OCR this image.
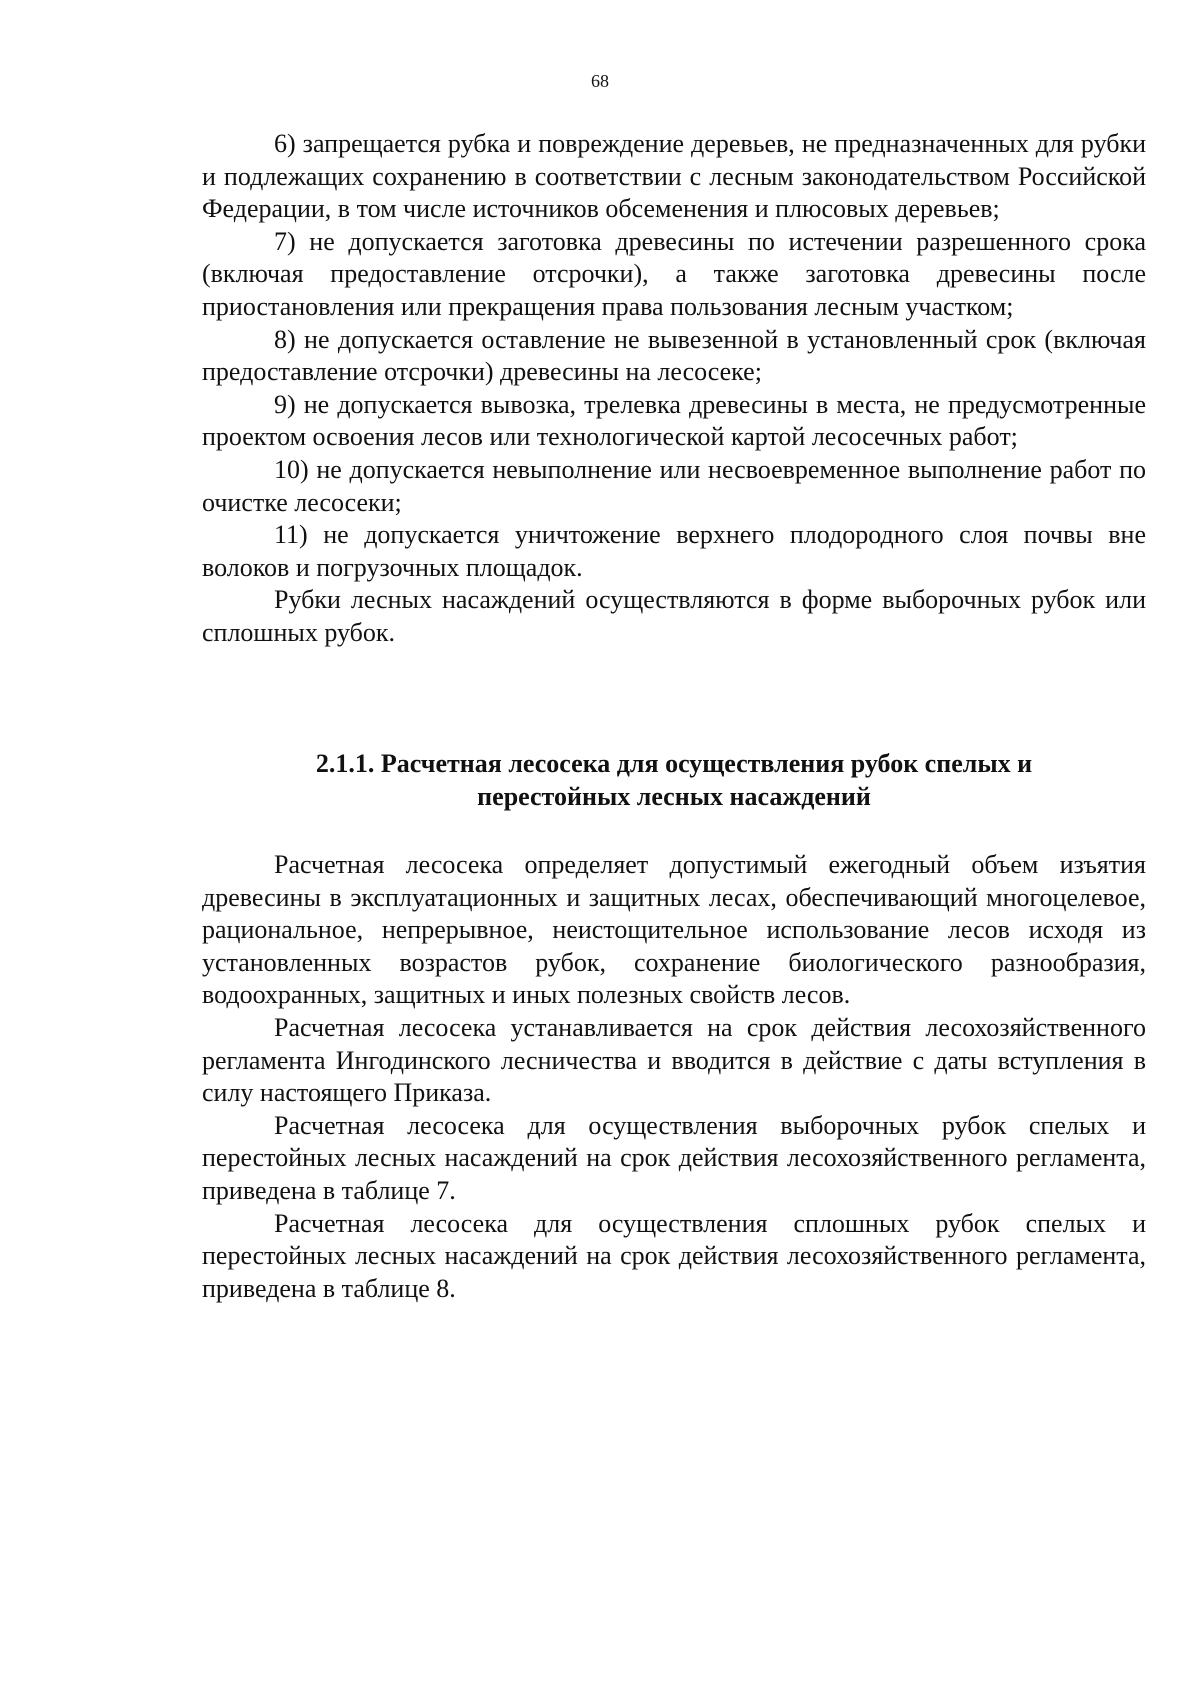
68

6) запрещается рубка и повреждение деревьев, не предназначенных для рубки и подлежащих сохранению в соответствии с лесным законодательством Российской Федерации, в том числе источников обсеменения и плюсовых деревьев;

7) не допускается заготовка древесины по истечении разрешенного срока (включая предоставление отсрочки), а также заготовка древесины после приостановления или прекращения права пользования лесным участком;

8) не допускается оставление не вывезенной в установленный срок (включая предоставление отсрочки) древесины на лесосеке;

9) не допускается вывозка, трелевка древесины в места, не предусмотренные проектом освоения лесов или технологической картой лесосечных работ;

10) не допускается невыполнение или несвоевременное выполнение работ по очистке лесосеки;

11) не допускается уничтожение верхнего плодородного слоя почвы вне волоков и погрузочных площадок.

Рубки лесных насаждений осуществляются в форме выборочных рубок или сплошных рубок.

2.1.1. Расчетная лесосека для осуществления рубок спелых и
перестойных лесных насаждений

Расчетная лесосека определяет допустимый ежегодный объем изъятия древесины в эксплуатационных и защитных лесах, обеспечивающий многоцелевое, рациональное, непрерывное, неистощительное использование лесов исходя из установленных возрастов рубок, сохранение биологического разнообразия, водоохранных, защитных и иных полезных свойств лесов.

Расчетная лесосека устанавливается на срок действия лесохозяйственного регламента Ингодинского лесничества и вводится в действие с даты вступления в силу настоящего Приказа.

Расчетная лесосека для осуществления выборочных рубок спелых и перестойных лесных насаждений на срок действия лесохозяйственного регламента, приведена в таблице 7.

Расчетная лесосека для осуществления сплошных рубок спелых и перестойных лесных насаждений на срок действия лесохозяйственного регламента, приведена в таблице 8.
